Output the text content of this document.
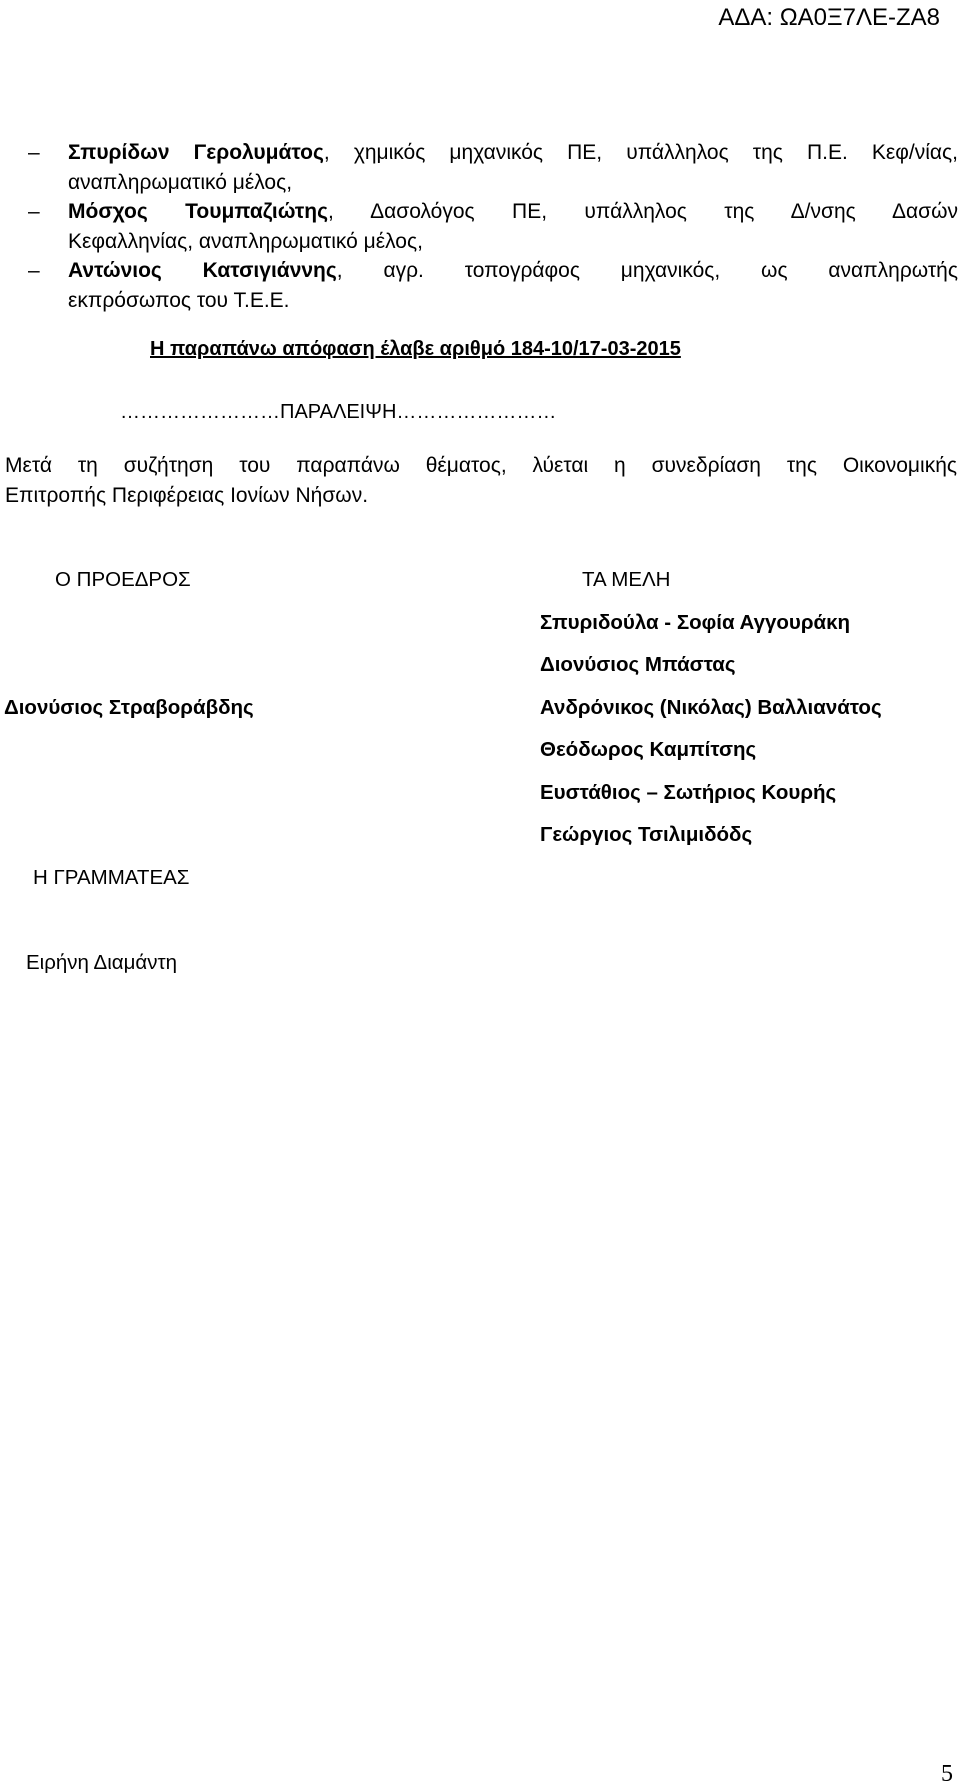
ΑΔΑ: ΩΑ0Ξ7ΛΕ-ΖΑ8
– Σπυρίδων Γερολυμάτος, χημικός μηχανικός ΠΕ, υπάλληλος της Π.Ε. Κεφ/νίας,
αναπληρωματικό μέλος,
– Μόσχος Τουμπαζιώτης, Δασολόγος ΠΕ, υπάλληλος της Δ/νσης Δασών
Κεφαλληνίας, αναπληρωματικό μέλος,
– Αντώνιος Κατσιγιάννης, αγρ. τοπογράφος μηχανικός, ως αναπληρωτής
εκπρόσωπος του Τ.Ε.Ε.
Η παραπάνω απόφαση έλαβε αριθμό 184-10/17-03-2015
……………………ΠΑΡΑΛΕΙΨΗ……………………
Μετά τη συζήτηση του παραπάνω θέματος, λύεται η συνεδρίαση της Οικονομικής
Επιτροπής Περιφέρειας Ιονίων Νήσων.
Ο ΠΡΟΕΔΡΟΣ
Διονύσιος Στραβοράβδης
Η ΓΡΑΜΜΑΤΕΑΣ
Ειρήνη Διαμάντη
ΤΑ ΜΕΛΗ
Σπυριδούλα - Σοφία Αγγουράκη
Διονύσιος Μπάστας
Ανδρόνικος (Νικόλας) Βαλλιανάτος
Θεόδωρος Καμπίτσης
Ευστάθιος – Σωτήριος Κουρής
Γεώργιος Τσιλιμιδόδς
5
